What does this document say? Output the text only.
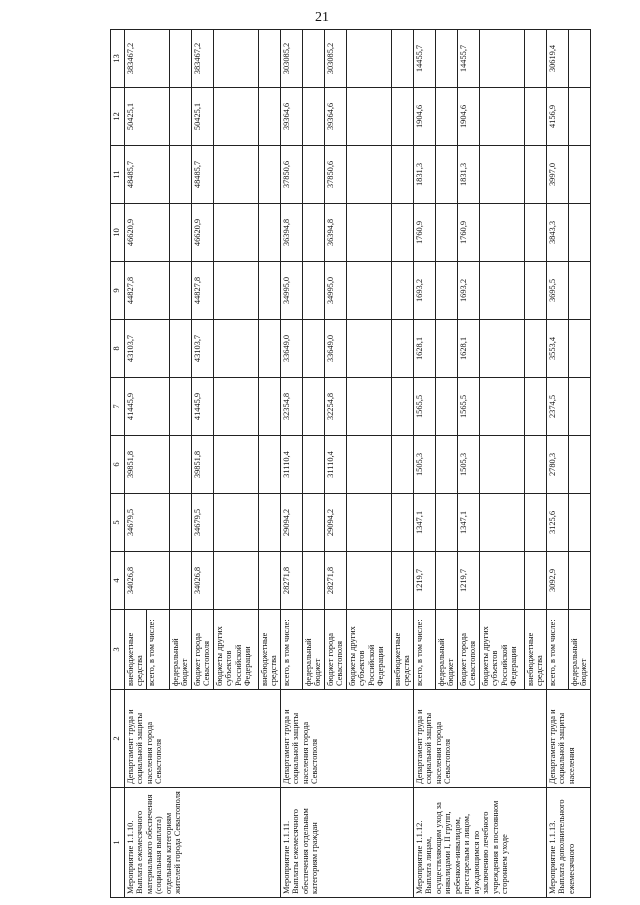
21
1	2	3	4	5	6	7	8	9	10	11	12	13
Мероприятие 1.1.10. Выплата ежемесячного материального обеспечения (социальная выплата) отдельным категориям жителей города Севастополя	Департамент труда и социальной защиты населения города Севастополя	внебюджетные средства всего, в том числе:	34026,8	34679,5	39851,8	41445,9	43103,7	44827,8	46620,9	48485,7	50425,1	383467,2

		федеральный бюджет										

		бюджет города Севастополя	34026,8	34679,5	39851,8	41445,9	43103,7	44827,8	46620,9	48485,7	50425,1	383467,2

		бюджеты других субъектов Российской Федерации										

		внебюджетные средства										

Мероприятие 1.1.11. Выплаты ежемесячного обеспечения отдельным категориям граждан	Департамент труда и социальной защиты населения города Севастополя	всего, в том числе:	28271,8	29094,2	31110,4	32354,8	33649,0	34995,0	36394,8	37850,6	39364,6	303085,2

		федеральный бюджет										

		бюджет города Севастополя	28271,8	29094,2	31110,4	32254,8	33649,0	34995,0	36394,8	37850,6	39364,6	303085,2

		бюджеты других субъектов Российской Федерации										

		внебюджетные средства										

Мероприятие 1.1.12. Выплата лицам, осуществляющим уход за инвалидами I, II групп, ребенком-инвалидом, престарелым и лицом, нуждающимся по заключению лечебного учреждения в постоянном стороннем уходе	Департамент труда и социальной защиты населения города Севастополя	всего, в том числе:	1219,7	1347,1	1505,3	1565,5	1628,1	1693,2	1760,9	1831,3	1904,6	14455,7

		федеральный бюджет										

		бюджет города Севастополя	1219,7	1347,1	1505,3	1565,5	1628,1	1693,2	1760,9	1831,3	1904,6	14455,7

		бюджеты других субъектов Российской Федерации										

		внебюджетные средства										

Мероприятие 1.1.13. Выплата дополнительного ежемесячного	Департамент труда и социальной защиты населения	всего, в том числе:	3092,9	3125,6	2780,3	2374,5	3553,4	3695,5	3843,3	3997,0	4156,9	30619,4

		федеральный бюджет										
